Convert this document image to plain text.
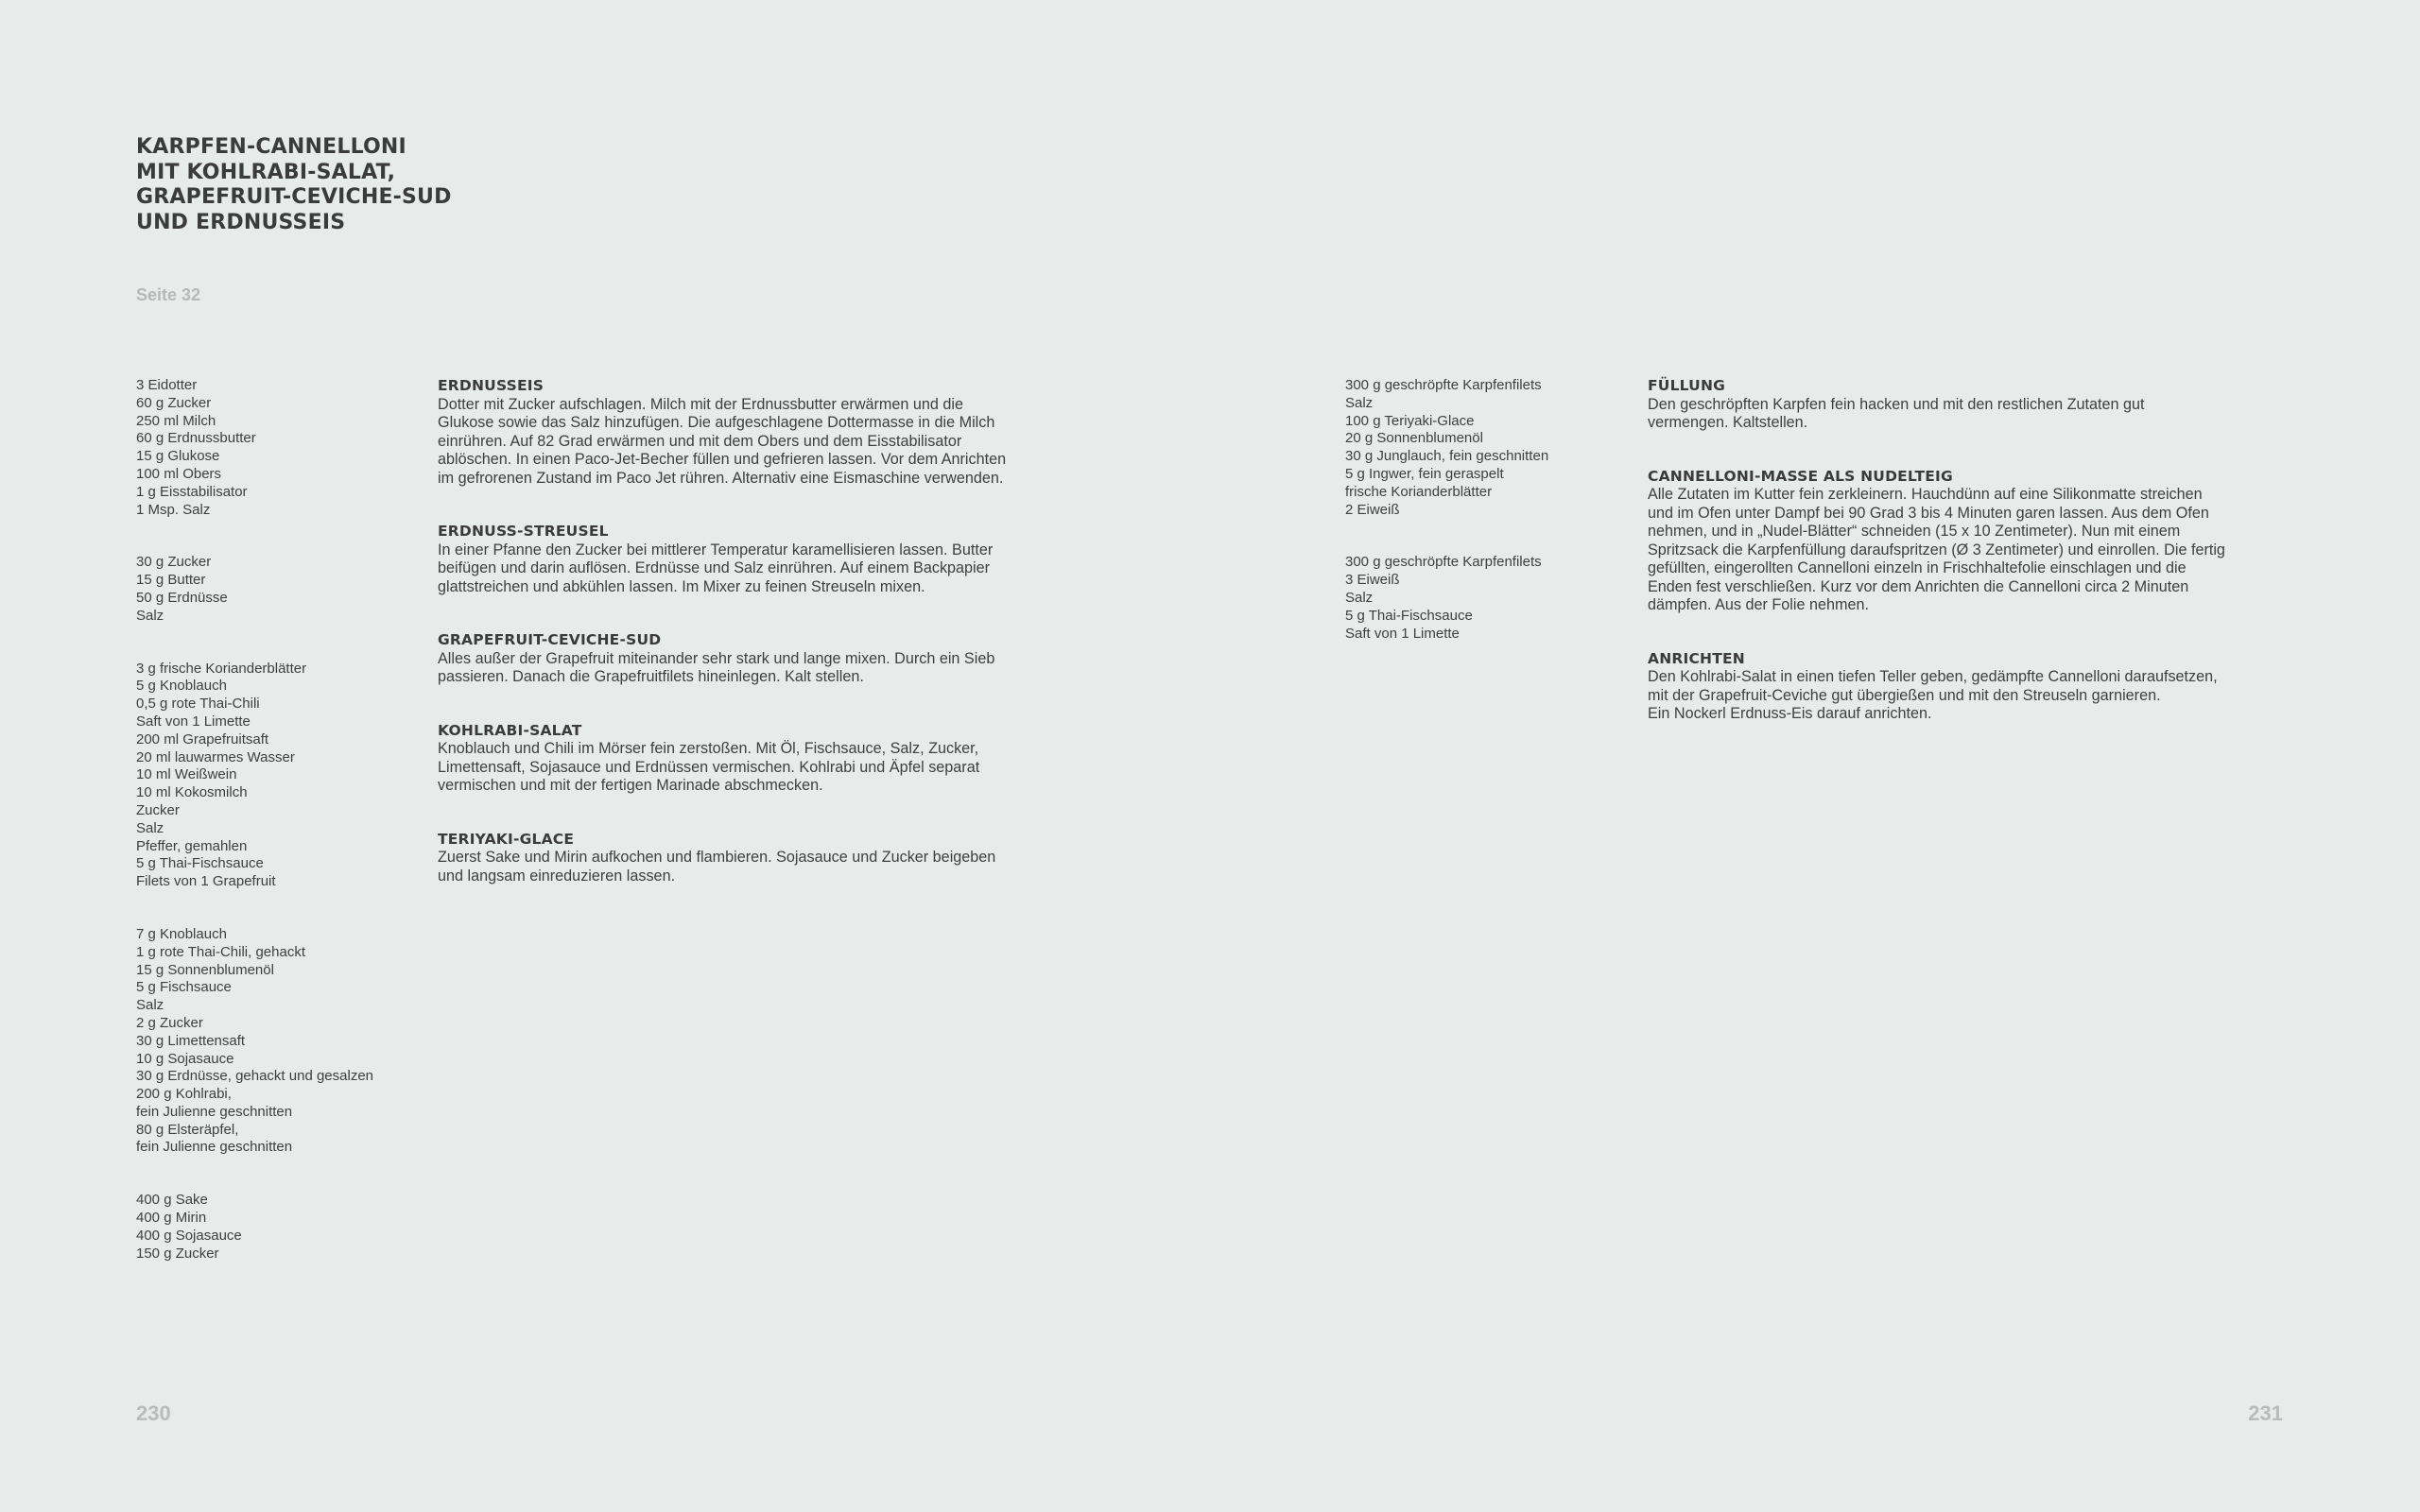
KARPFEN-CANNELLONI
MIT KOHLRABI-SALAT,
GRAPEFRUIT-CEVICHE-SUD
UND ERDNUSSEIS
Seite 32
3 Eidotter
60 g Zucker
250 ml Milch
60 g Erdnussbutter
15 g Glukose
100 ml Obers
1 g Eisstabilisator
1 Msp. Salz
30 g Zucker
15 g Butter
50 g Erdnüsse
Salz
3 g frische Korianderblätter
5 g Knoblauch
0,5 g rote Thai-Chili
Saft von 1 Limette
200 ml Grapefruitsaft
20 ml lauwarmes Wasser
10 ml Weißwein
10 ml Kokosmilch
Zucker
Salz
Pfeffer, gemahlen
5 g Thai-Fischsauce
Filets von 1 Grapefruit
7 g Knoblauch
1 g rote Thai-Chili, gehackt
15 g Sonnenblumenöl
5 g Fischsauce
Salz
2 g Zucker
30 g Limettensaft
10 g Sojasauce
30 g Erdnüsse, gehackt und gesalzen
200 g Kohlrabi,
fein Julienne geschnitten
80 g Elsteräpfel,
fein Julienne geschnitten
400 g Sake
400 g Mirin
400 g Sojasauce
150 g Zucker
ERDNUSSEIS
Dotter mit Zucker aufschlagen. Milch mit der Erdnussbutter erwärmen und die
Glukose sowie das Salz hinzufügen. Die aufgeschlagene Dottermasse in die Milch
einrühren. Auf 82 Grad erwärmen und mit dem Obers und dem Eisstabilisator
ablöschen. In einen Paco-Jet-Becher füllen und gefrieren lassen. Vor dem Anrichten
im gefrorenen Zustand im Paco Jet rühren. Alternativ eine Eismaschine verwenden.
ERDNUSS-STREUSEL
In einer Pfanne den Zucker bei mittlerer Temperatur karamellisieren lassen. Butter
beifügen und darin auflösen. Erdnüsse und Salz einrühren. Auf einem Backpapier
glattstreichen und abkühlen lassen. Im Mixer zu feinen Streuseln mixen.
GRAPEFRUIT-CEVICHE-SUD
Alles außer der Grapefruit miteinander sehr stark und lange mixen. Durch ein Sieb
passieren. Danach die Grapefruitfilets hineinlegen. Kalt stellen.
KOHLRABI-SALAT
Knoblauch und Chili im Mörser fein zerstoßen. Mit Öl, Fischsauce, Salz, Zucker,
Limettensaft, Sojasauce und Erdnüssen vermischen. Kohlrabi und Äpfel separat
vermischen und mit der fertigen Marinade abschmecken.
TERIYAKI-GLACE
Zuerst Sake und Mirin aufkochen und flambieren. Sojasauce und Zucker beigeben
und langsam einreduzieren lassen.
300 g geschröpfte Karpfenfilets
Salz
100 g Teriyaki-Glace
20 g Sonnenblumenöl
30 g Junglauch, fein geschnitten
5 g Ingwer, fein geraspelt
frische Korianderblätter
2 Eiweiß
300 g geschröpfte Karpfenfilets
3 Eiweiß
Salz
5 g Thai-Fischsauce
Saft von 1 Limette
FÜLLUNG
Den geschröpften Karpfen fein hacken und mit den restlichen Zutaten gut
vermengen. Kaltstellen.
CANNELLONI-MASSE ALS NUDELTEIG
Alle Zutaten im Kutter fein zerkleinern. Hauchdünn auf eine Silikonmatte streichen
und im Ofen unter Dampf bei 90 Grad 3 bis 4 Minuten garen lassen. Aus dem Ofen
nehmen, und in „Nudel-Blätter“ schneiden (15 x 10 Zentimeter). Nun mit einem
Spritzsack die Karpfenfüllung daraufspritzen (Ø 3 Zentimeter) und einrollen. Die fertig
gefüllten, eingerollten Cannelloni einzeln in Frischhaltefolie einschlagen und die
Enden fest verschließen. Kurz vor dem Anrichten die Cannelloni circa 2 Minuten
dämpfen. Aus der Folie nehmen.
ANRICHTEN
Den Kohlrabi-Salat in einen tiefen Teller geben, gedämpfte Cannelloni daraufsetzen,
mit der Grapefruit-Ceviche gut übergießen und mit den Streuseln garnieren.
Ein Nockerl Erdnuss-Eis darauf anrichten.
230	231
